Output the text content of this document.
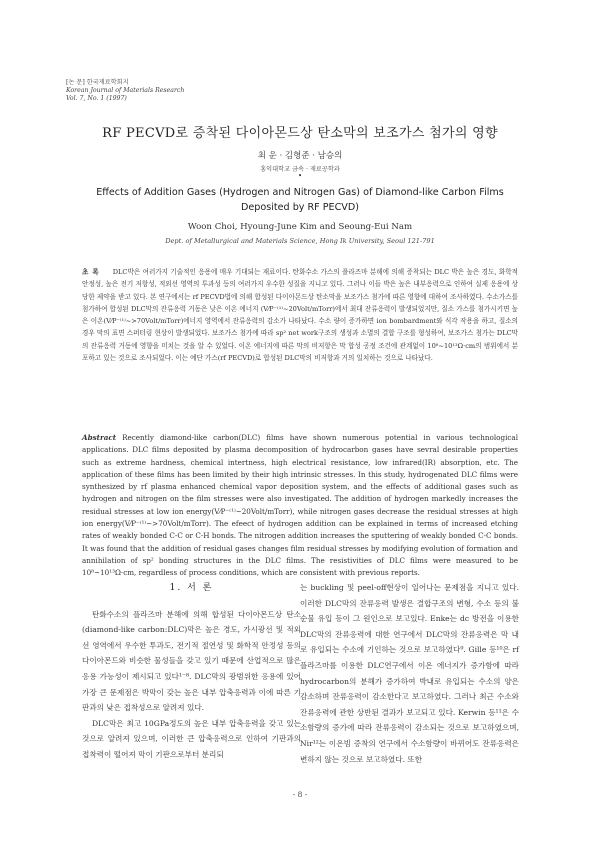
[논 문] 한국재료학회지
Korean Journal of Materials Research
Vol. 7, No. 1 (1997)
RF PECVD로 증착된 다이아몬드상 탄소막의 보조가스 첨가의 영향
최 운 · 김형준 · 남승의
홍익대학교 금속 · 재료공학과
•
Effects of Addition Gases (Hydrogen and Nitrogen Gas) of Diamond-like Carbon Films Deposited by RF PECVD)
Woon Choi, Hyoung-June Kim and Seoung-Eui Nam
Dept. of Metallurgical and Materials Science, Hong Ik University, Seoul 121-791

초록 DLC박은 여러가지 기술적인 응용에 매우 기대되는 재료이다. 탄화수소 가스의 플라즈마 분해에 의해 증착되는 DLC 박은 높은 경도, 화학적 안정성, 높은 전기 저항성, 적외선 영역의 투과성 등의 여러가지 우수한 성질을 지니고 있다. 그러나 이들 박은 높은 내부응력으로 인하여 실제 응용에 상당한 제약을 받고 있다. 본 연구에서는 rf PECVD법에 의해 합성된 다이아몬드상 탄소막을 보조가스 첨가에 따른 영향에 대하여 조사하였다. 수소가스를 첨가하여 합성된 DLC막의 잔류응력 거동은 낮은 이온 에너지 (V⁄P⁻⁽¹⁾~20Volt/mTorr)에서 최대 잔류응력이 발생되었지만, 질소 가스를 첨가시키면 높은 이온(V⁄P⁻⁽¹⁾~>70Volt/mTorr)에너지 영역에서 잔류응력의 감소가 나타났다. 수소 량이 증가하면 ion bombardment와 식각 작용을 하고, 질소의 경우 막의 표면 스퍼터링 현상이 발생되었다. 보조가스 첨가에 따라 sp² net work구조의 생성과 소멸의 결합 구조를 형성하여, 보조가스 첨가는 DLC막의 잔류응력 거동에 영향을 미치는 것을 알 수 있었다. 이온 에너지에 따른 막의 비저항은 막 합성 공정 조건에 관계없이 10⁸~10¹³Ω·cm의 범위에서 분포하고 있는 것으로 조사되었다. 이는 예단 가스(rf PECVD)로 합성된 DLC막의 비저항과 거의 일치하는 것으로 나타났다.

Abstract Recently diamond-like carbon(DLC) films have shown numerous potential in various technological applications. DLC films deposited by plasma decomposition of hydrocarbon gases have sevral desirable properties such as extreme hardness, chemical intertness, high electrical resistance, low infrared(IR) absorption, etc. The application of these films has been limited by their high intrinsic stresses. In this study, hydrogenated DLC films were synthesized by rf plasma enhanced chemical vapor deposition system, and the effects of additional gases such as hydrogen and nitrogen on the film stresses were also investigated. The addition of hydrogen markedly increases the residual stresses at low ion energy(V⁄P⁻⁽¹⁾~20Volt/mTorr), while nitrogen gases decrease the residual stresses at high ion energy(V⁄P⁻⁽¹⁾~>70Volt/mTorr). The efeect of hydrogen addition can be explained in terms of increased etching rates of weakly bonded C-C or C-H bonds. The nitrogen addition increases the sputtering of weakly bonded C-C bonds. It was found that the addition of residual gases changes film residual stresses by modifying evolution of formation and annihilation of sp² bonding structures in the DLC films. The resistivities of DLC films were measured to be 10⁸~10¹³Ω·cm, regardless of process conditions, which are consistent with previous reports.

1. 서 론

탄화수소의 플라즈마 분해에 의해 합성된 다이아몬드상 탄소(diamond-like carbon:DLC)막은 높은 경도, 가시광선 및 적외선 영역에서 우수한 투과도, 전기적 절연성 및 화학적 안정성 등의 다이아몬드와 비슷한 물성들을 갖고 있기 때문에 산업적으로 많은 응용 가능성이 제시되고 있다¹⁻⁸. DLC막의 광범위한 응용에 있어 가장 큰 문제점은 박막이 갖는 높은 내부 압축응력과 이에 따른 기판과의 낮은 접착성으로 알려져 있다.

DLC막은 최고 10GPa정도의 높은 내부 압축응력을 갖고 있는 것으로 알려져 있으며, 이러한 큰 압축응력으로 인하여 기판과의 접착력이 떨어져 막이 기판으로부터 분리되

는 buckling 및 peel-off현상이 일어나는 문제점을 지니고 있다. 이러한 DLC막의 잔류응력 발생은 결합구조의 변형, 수소 등의 불순물 유입 등이 그 원인으로 보고있다. Enke는 dc 방전을 이용한 DLC막의 잔류응력에 대한 연구에서 DLC막의 잔류응력은 막 내로 유입되는 수소에 기인하는 것으로 보고하였다⁹. Gille 등¹⁰은 rf 플라즈마를 이용한 DLC연구에서 이온 에너지가 증가함에 따라 hydrocarbon의 분해가 증가하여 박내로 유입되는 수소의 양은 감소하며 잔류응력이 감소한다고 보고하였다. 그러나 최근 수소와 잔류응력에 관한 상반된 결과가 보고되고 있다. Kerwin 등¹¹은 수소함량의 증가에 따라 잔류응력이 감소되는 것으로 보고하였으며, Nir¹²는 이온빔 증착의 연구에서 수소함량이 바뀌어도 잔류응력은 변하지 않는 것으로 보고하였다. 또한

- 8 -
